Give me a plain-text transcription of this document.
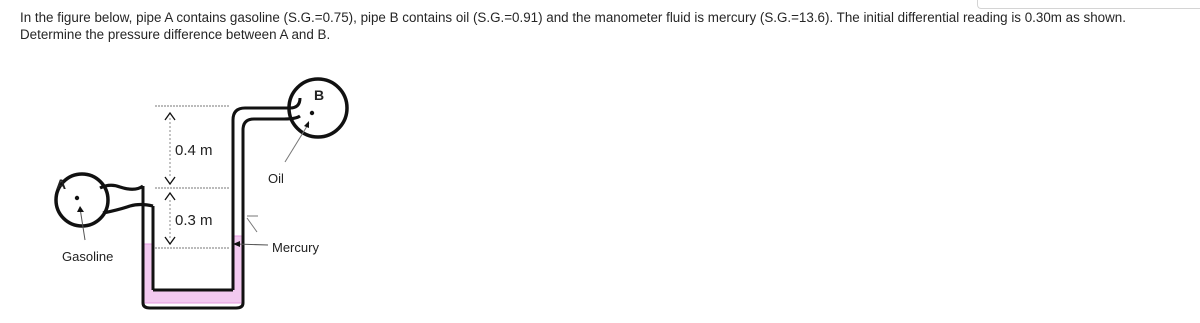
In the figure below, pipe A contains gasoline (S.G.=0.75), pipe B contains oil (S.G.=0.91) and the manometer fluid is mercury (S.G.=13.6). The initial differential reading is 0.30m as shown. Determine the pressure difference between A and B.
A
B
0.4 m
0.3 m
Oil
Gasoline
Mercury
